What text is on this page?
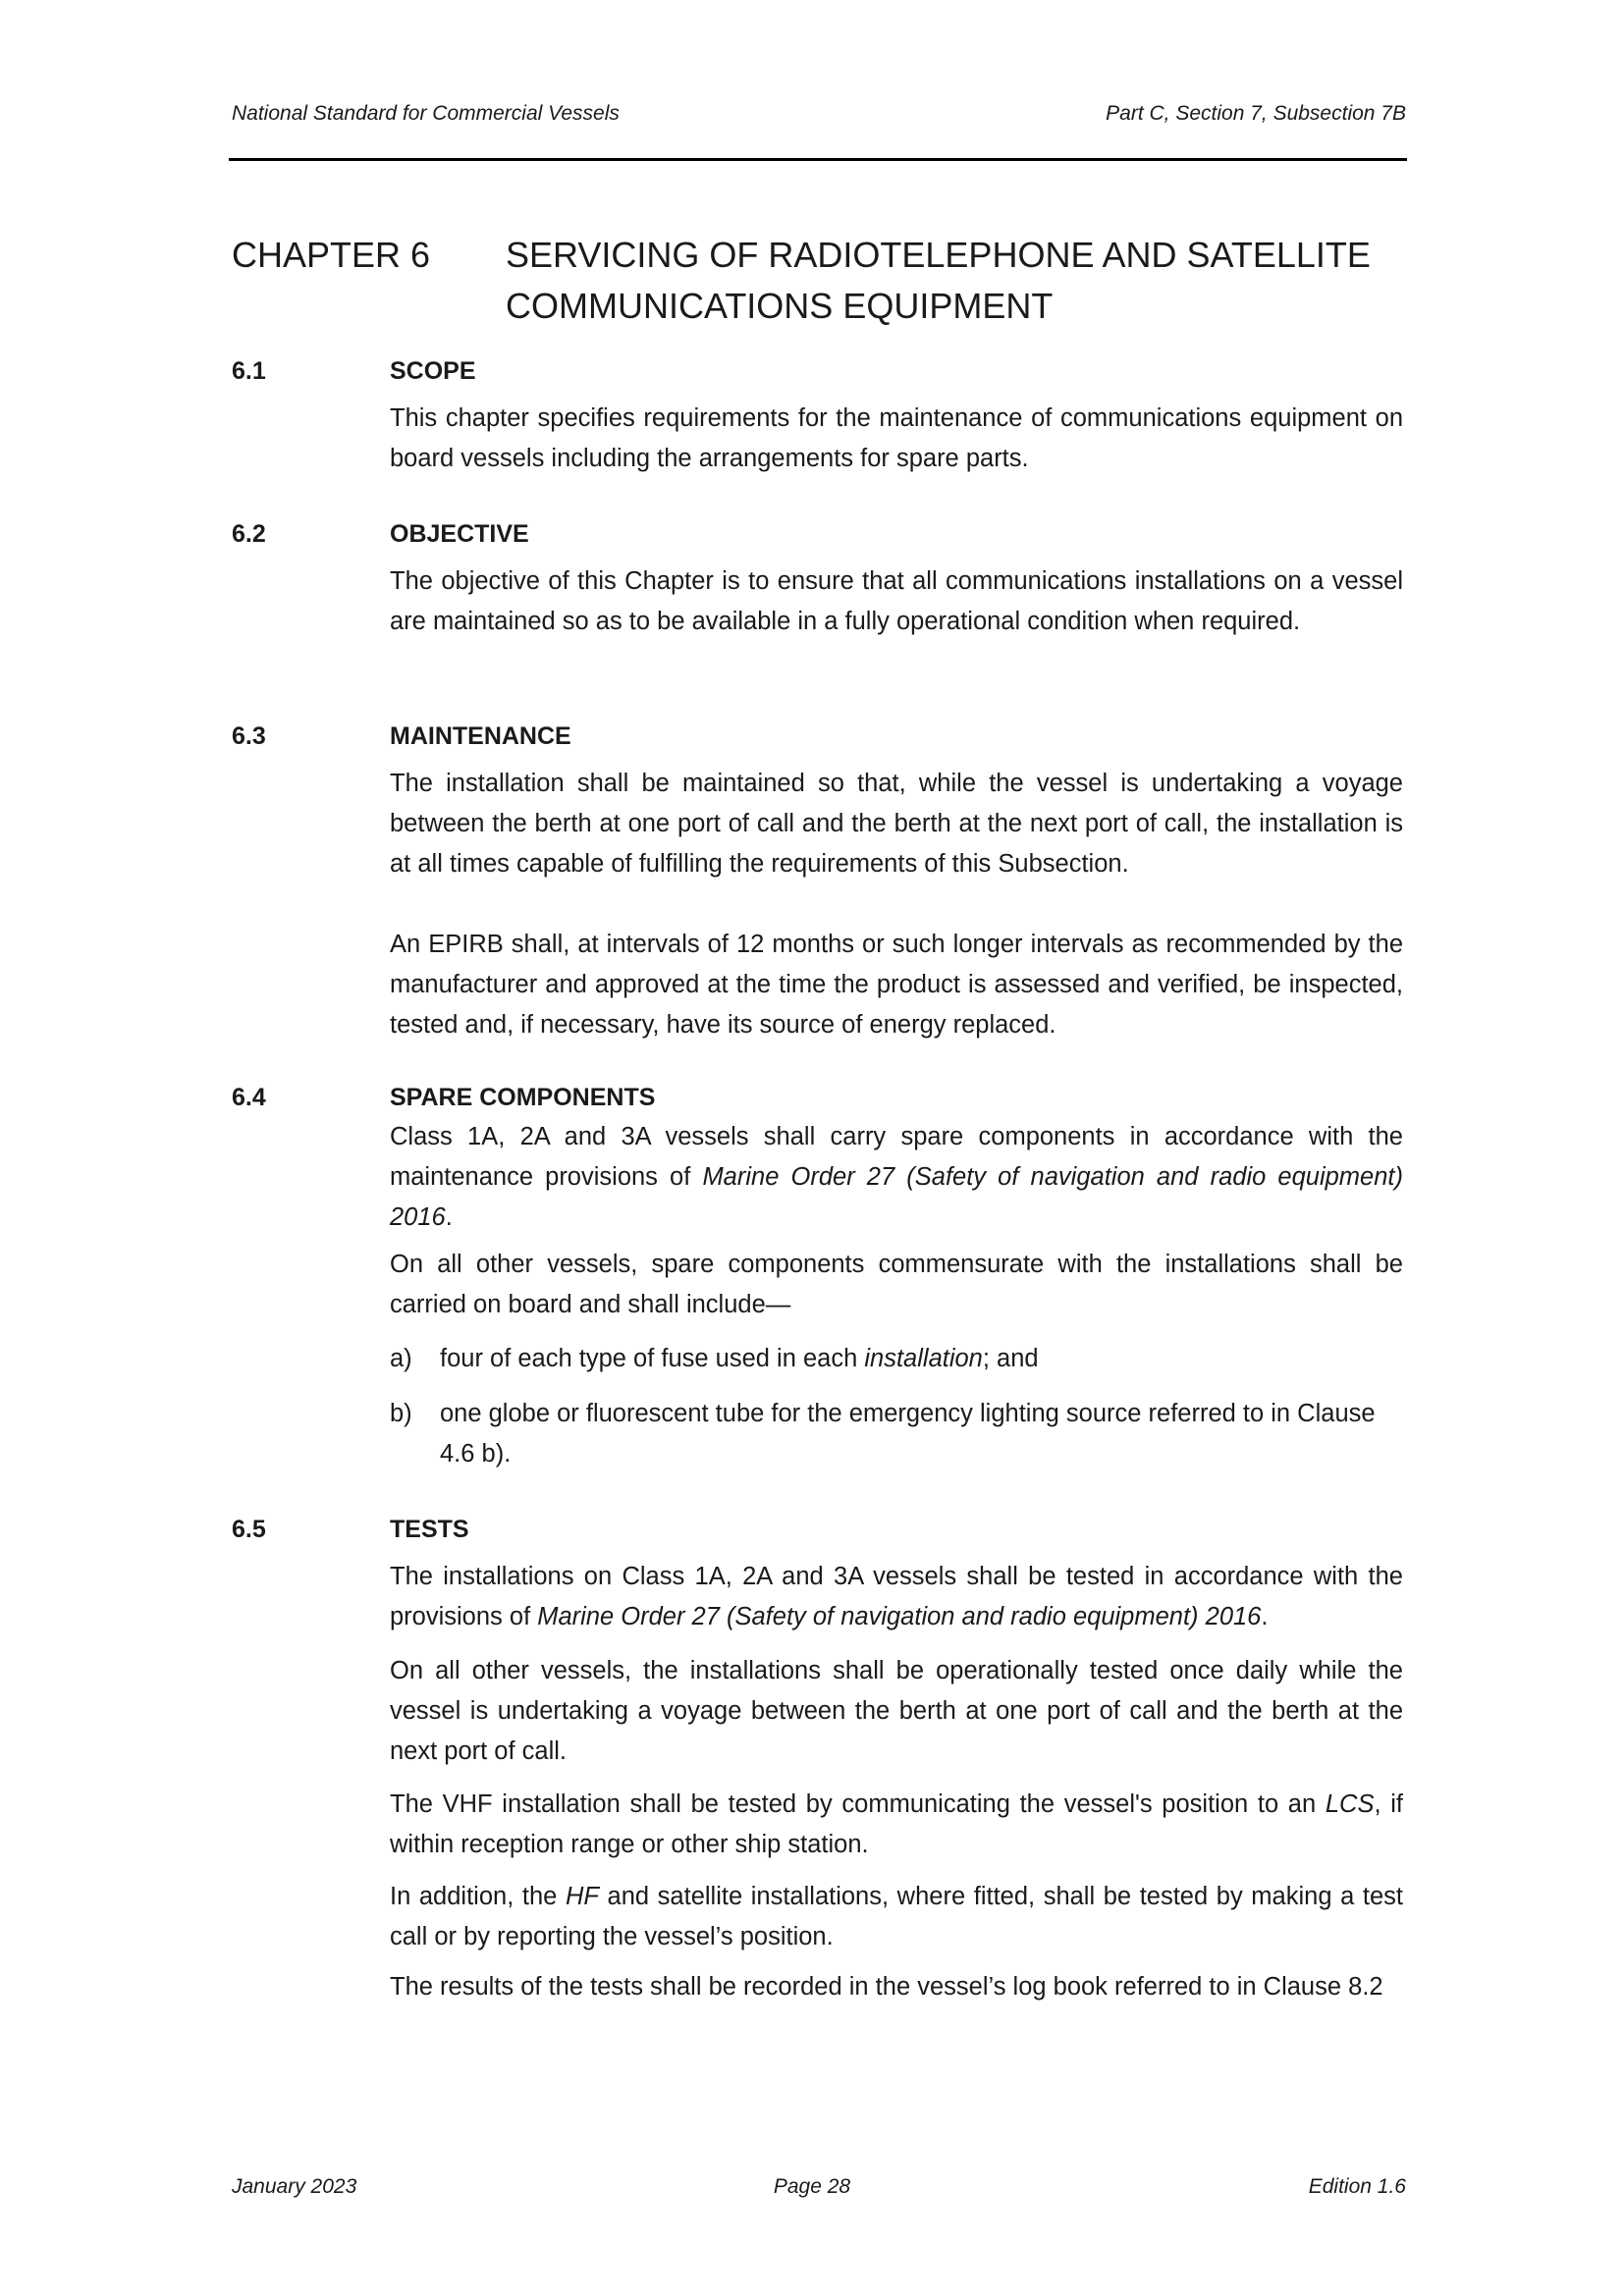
National Standard for Commercial Vessels	Part C, Section 7, Subsection 7B
CHAPTER 6 SERVICING OF RADIOTELEPHONE AND SATELLITE
COMMUNICATIONS EQUIPMENT
6.1	SCOPE
This chapter specifies requirements for the maintenance of communications equipment on board vessels including the arrangements for spare parts.
6.2	OBJECTIVE
The objective of this Chapter is to ensure that all communications installations on a vessel are maintained so as to be available in a fully operational condition when required.
6.3	MAINTENANCE
The installation shall be maintained so that, while the vessel is undertaking a voyage between the berth at one port of call and the berth at the next port of call, the installation is at all times capable of fulfilling the requirements of this Subsection.
An EPIRB shall, at intervals of 12 months or such longer intervals as recommended by the manufacturer and approved at the time the product is assessed and verified, be inspected, tested and, if necessary, have its source of energy replaced.
6.4	SPARE COMPONENTS
Class 1A, 2A and 3A vessels shall carry spare components in accordance with the maintenance provisions of Marine Order 27 (Safety of navigation and radio equipment) 2016.
On all other vessels, spare components commensurate with the installations shall be carried on board and shall include—
a) four of each type of fuse used in each installation; and
b) one globe or fluorescent tube for the emergency lighting source referred to in Clause 4.6 b).
6.5	TESTS
The installations on Class 1A, 2A and 3A vessels shall be tested in accordance with the provisions of Marine Order 27 (Safety of navigation and radio equipment) 2016.
On all other vessels, the installations shall be operationally tested once daily while the vessel is undertaking a voyage between the berth at one port of call and the berth at the next port of call.
The VHF installation shall be tested by communicating the vessel's position to an LCS, if within reception range or other ship station.
In addition, the HF and satellite installations, where fitted, shall be tested by making a test call or by reporting the vessel’s position.
The results of the tests shall be recorded in the vessel’s log book referred to in Clause 8.2
January 2023	Page 28	Edition 1.6
